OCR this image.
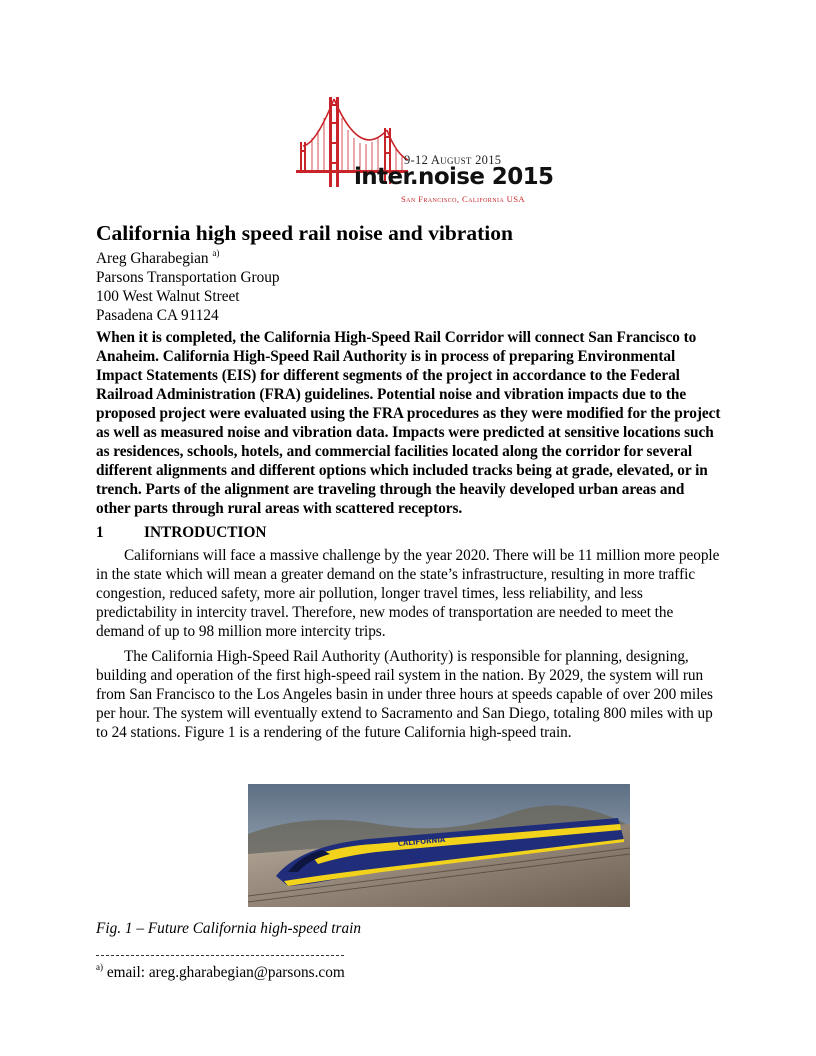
9-12 August 2015
inter.noise 2015
San Francisco, California USA
California high speed rail noise and vibration
Areg Gharabegian $^{a)}$
Parsons Transportation Group
100 West Walnut Street
Pasadena CA 91124

When it is completed, the California High-Speed Rail Corridor will connect San Francisco to Anaheim. California High-Speed Rail Authority is in process of preparing Environmental Impact Statements (EIS) for different segments of the project in accordance to the Federal Railroad Administration (FRA) guidelines. Potential noise and vibration impacts due to the proposed project were evaluated using the FRA procedures as they were modified for the project as well as measured noise and vibration data. Impacts were predicted at sensitive locations such as residences, schools, hotels, and commercial facilities located along the corridor for several different alignments and different options which included tracks being at grade, elevated, or in trench. Parts of the alignment are traveling through the heavily developed urban areas and other parts through rural areas with scattered receptors.

1	INTRODUCTION

Californians will face a massive challenge by the year 2020. There will be 11 million more people in the state which will mean a greater demand on the state’s infrastructure, resulting in more traffic congestion, reduced safety, more air pollution, longer travel times, less reliability, and less predictability in intercity travel. Therefore, new modes of transportation are needed to meet the demand of up to 98 million more intercity trips.

The California High-Speed Rail Authority (Authority) is responsible for planning, designing, building and operation of the first high-speed rail system in the nation. By 2029, the system will run from San Francisco to the Los Angeles basin in under three hours at speeds capable of over 200 miles per hour. The system will eventually extend to Sacramento and San Diego, totaling 800 miles with up to 24 stations. Figure 1 is a rendering of the future California high-speed train.

CALIFORNIA
Fig. 1 – Future California high-speed train
$^{a)}$ email: areg.gharabegian@parsons.com
